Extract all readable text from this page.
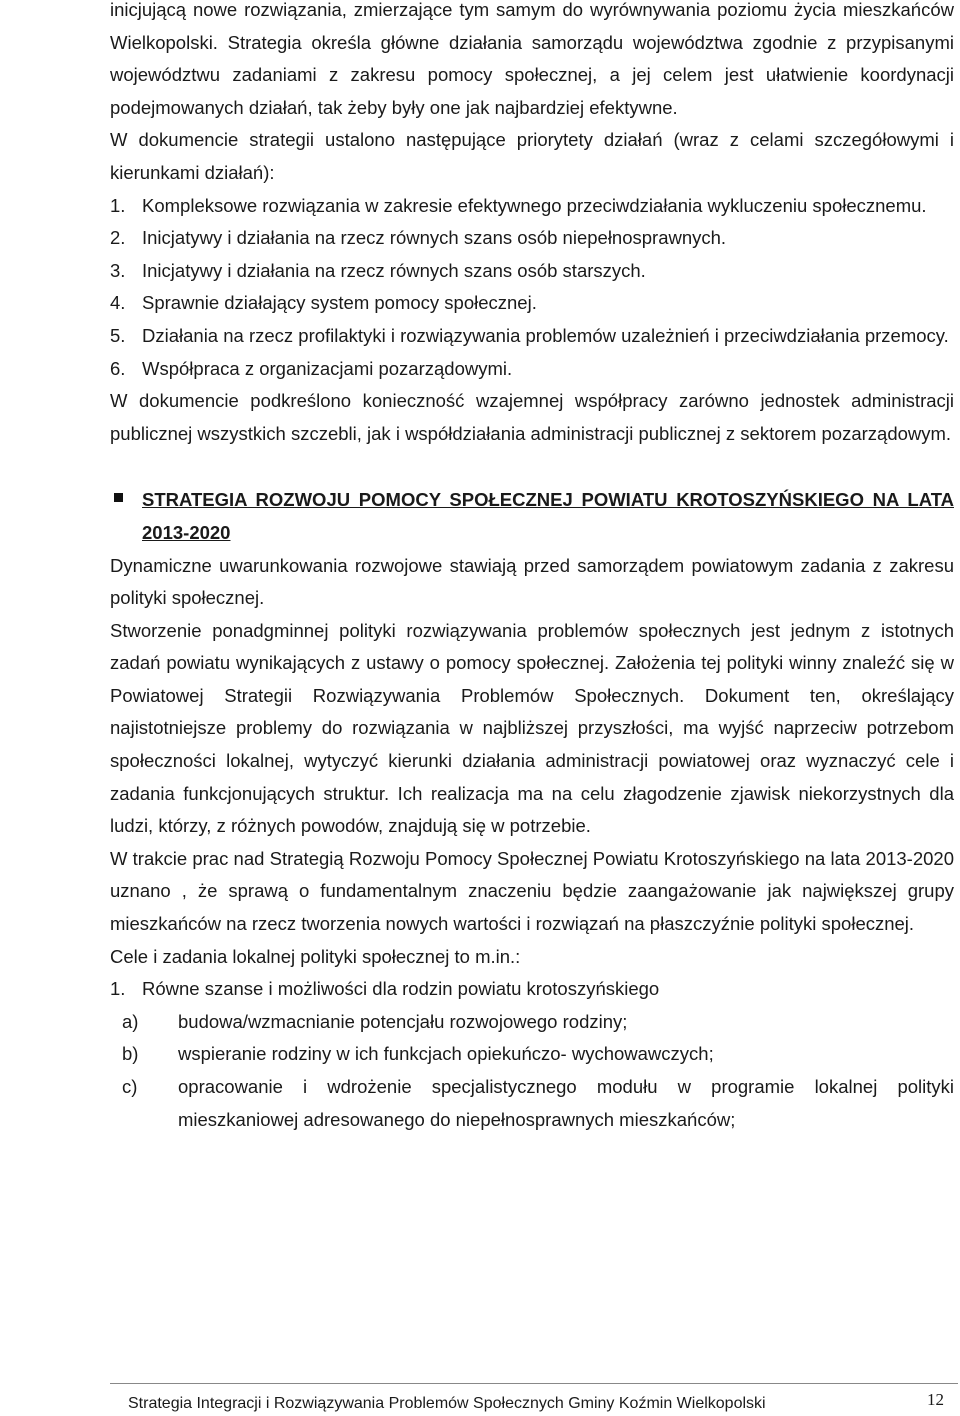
inicjującą nowe rozwiązania, zmierzające tym samym do wyrównywania poziomu życia mieszkańców Wielkopolski. Strategia określa główne działania samorządu województwa zgodnie z przypisanymi województwu zadaniami z zakresu pomocy społecznej, a jej celem jest ułatwienie koordynacji podejmowanych działań, tak żeby były one jak najbardziej efektywne.

W dokumencie strategii ustalono następujące priorytety działań (wraz z celami szczegółowymi i kierunkami działań):

1. Kompleksowe rozwiązania w zakresie efektywnego przeciwdziałania wykluczeniu społecznemu.

2. Inicjatywy i działania na rzecz równych szans osób niepełnosprawnych.

3. Inicjatywy i działania na rzecz równych szans osób starszych.

4. Sprawnie działający system pomocy społecznej.

5. Działania na rzecz profilaktyki i rozwiązywania problemów uzależnień i przeciwdziałania przemocy.

6. Współpraca z organizacjami pozarządowymi.

W dokumencie podkreślono konieczność wzajemnej współpracy zarówno jednostek administracji publicznej wszystkich szczebli, jak i współdziałania administracji publicznej z sektorem pozarządowym.

STRATEGIA ROZWOJU POMOCY SPOŁECZNEJ POWIATU KROTOSZYŃSKIEGO NA LATA 2013-2020

Dynamiczne uwarunkowania rozwojowe stawiają przed samorządem powiatowym zadania z zakresu polityki społecznej.

Stworzenie ponadgminnej polityki rozwiązywania problemów społecznych jest jednym z istotnych zadań powiatu wynikających z ustawy o pomocy społecznej. Założenia tej polityki winny znaleźć się w Powiatowej Strategii Rozwiązywania Problemów Społecznych. Dokument ten, określający najistotniejsze problemy do rozwiązania w najbliższej przyszłości, ma wyjść naprzeciw potrzebom społeczności lokalnej, wytyczyć kierunki działania administracji powiatowej oraz wyznaczyć cele i zadania funkcjonujących struktur. Ich realizacja ma na celu złagodzenie zjawisk niekorzystnych dla ludzi, którzy, z różnych powodów, znajdują się w potrzebie.

W trakcie prac nad Strategią Rozwoju Pomocy Społecznej Powiatu Krotoszyńskiego na lata 2013-2020 uznano , że sprawą o fundamentalnym znaczeniu będzie zaangażowanie jak największej grupy mieszkańców na rzecz tworzenia nowych wartości i rozwiązań na płaszczyźnie polityki społecznej.

Cele i zadania lokalnej polityki społecznej to m.in.:

1. Równe szanse i możliwości dla rodzin powiatu krotoszyńskiego

a) budowa/wzmacnianie potencjału rozwojowego rodziny;

b) wspieranie rodziny w ich funkcjach opiekuńczo- wychowawczych;

c) opracowanie i wdrożenie specjalistycznego modułu w programie lokalnej polityki mieszkaniowej adresowanego do niepełnosprawnych mieszkańców;

Strategia Integracji i Rozwiązywania Problemów Społecznych Gminy Koźmin Wielkopolski	12
